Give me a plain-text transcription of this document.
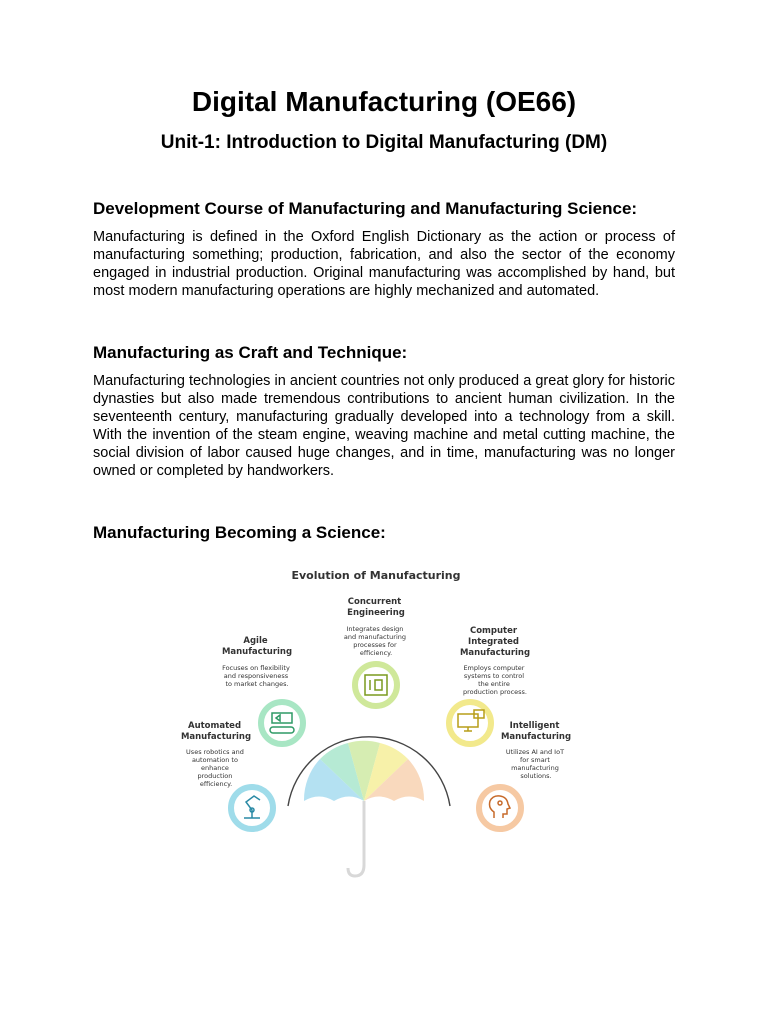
Digital Manufacturing (OE66)
Unit-1: Introduction to Digital Manufacturing (DM)
Development Course of Manufacturing and Manufacturing Science:

Manufacturing is defined in the Oxford English Dictionary as the action or process of manufacturing something; production, fabrication, and also the sector of the economy engaged in industrial production. Original manufacturing was accomplished by hand, but most modern manufacturing operations are highly mechanized and automated.

Manufacturing as Craft and Technique:

Manufacturing technologies in ancient countries not only produced a great glory for historic dynasties but also made tremendous contributions to ancient human civilization. In the seventeenth century, manufacturing gradually developed into a technology from a skill. With the invention of the steam engine, weaving machine and metal cutting machine, the social division of labor caused huge changes, and in time, manufacturing was no longer owned or completed by handworkers.

Manufacturing Becoming a Science:
Evolution of Manufacturing
Automated Manufacturing
Uses robotics and automation to enhance production efficiency.
Agile Manufacturing
Focuses on flexibility and responsiveness to market changes.
Concurrent Engineering
Integrates design and manufacturing processes for efficiency.
Computer Integrated Manufacturing
Employs computer systems to control the entire production process.
Intelligent Manufacturing
Utilizes AI and IoT for smart manufacturing solutions.
